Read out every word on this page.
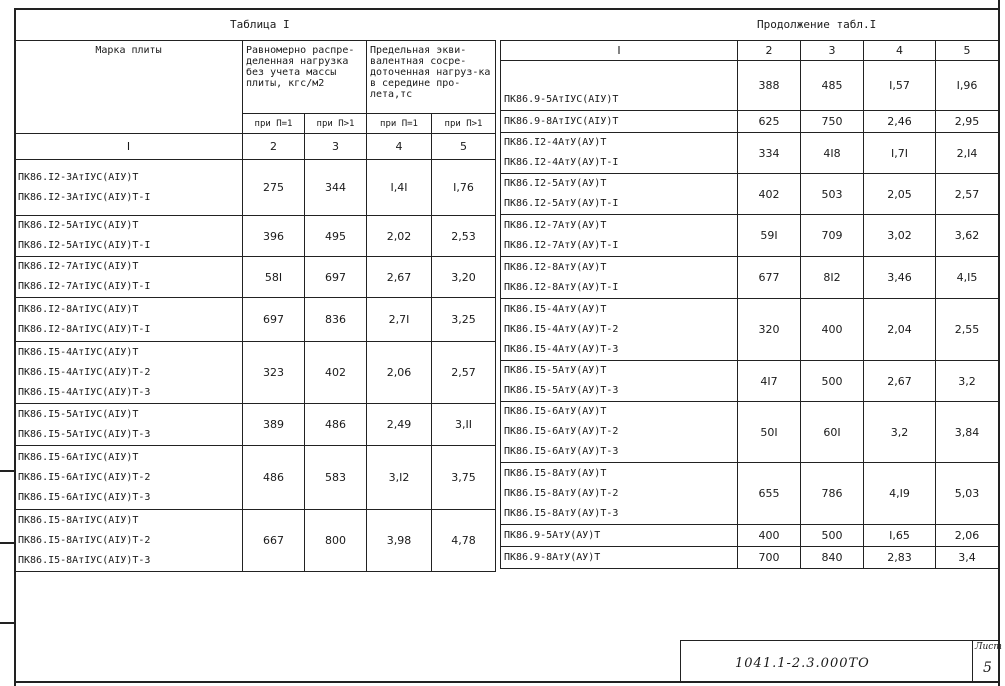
Таблица I	Продолжение табл.I
Марка плиты	Равномерно распре-деленная нагрузка без учета массы плиты, кгс/м2		Предельная экви-валентная сосре-доточенная нагруз-ка в середине про-лета,тс	
	при П=1	при П>1	при П=1	при П>1
I	2	3	4	5

ПК86.I2-3АтIУС(АIУ)Т
ПК86.I2-3АтIУС(АIУ)Т-I	275	344	I,4I	I,76

ПК86.I2-5АтIУС(АIУ)Т
ПК86.I2-5АтIУС(АIУ)Т-I	396	495	2,02	2,53

ПК86.I2-7АтIУС(АIУ)Т
ПК86.I2-7АтIУС(АIУ)Т-I	58I	697	2,67	3,20

ПК86.I2-8АтIУС(АIУ)Т
ПК86.I2-8АтIУС(АIУ)Т-I	697	836	2,7I	3,25

ПК86.I5-4АтIУС(АIУ)Т
ПК86.I5-4АтIУС(АIУ)Т-2
ПК86.I5-4АтIУС(АIУ)Т-3	323	402	2,06	2,57

ПК86.I5-5АтIУС(АIУ)Т
ПК86.I5-5АтIУС(АIУ)Т-3	389	486	2,49	3,II

ПК86.I5-6АтIУС(АIУ)Т
ПК86.I5-6АтIУС(АIУ)Т-2
ПК86.I5-6АтIУС(АIУ)Т-3	486	583	3,I2	3,75

ПК86.I5-8АтIУС(АIУ)Т
ПК86.I5-8АтIУС(АIУ)Т-2
ПК86.I5-8АтIУС(АIУ)Т-3	667	800	3,98	4,78
I	2	3	4	5

ПК86.9-5АтIУС(АIУ)Т	388	485	I,57	I,96

ПК86.9-8АтIУС(АIУ)Т	625	750	2,46	2,95

ПК86.I2-4АтУ(АУ)Т
ПК86.I2-4АтУ(АУ)Т-I	334	4I8	I,7I	2,I4

ПК86.I2-5АтУ(АУ)Т
ПК86.I2-5АтУ(АУ)Т-I	402	503	2,05	2,57

ПК86.I2-7АтУ(АУ)Т
ПК86.I2-7АтУ(АУ)Т-I	59I	709	3,02	3,62

ПК86.I2-8АтУ(АУ)Т
ПК86.I2-8АтУ(АУ)Т-I	677	8I2	3,46	4,I5

ПК86.I5-4АтУ(АУ)Т
ПК86.I5-4АтУ(АУ)Т-2
ПК86.I5-4АтУ(АУ)Т-3	320	400	2,04	2,55

ПК86.I5-5АтУ(АУ)Т
ПК86.I5-5АтУ(АУ)Т-3	4I7	500	2,67	3,2

ПК86.I5-6АтУ(АУ)Т
ПК86.I5-6АтУ(АУ)Т-2
ПК86.I5-6АтУ(АУ)Т-3	50I	60I	3,2	3,84

ПК86.I5-8АтУ(АУ)Т
ПК86.I5-8АтУ(АУ)Т-2
ПК86.I5-8АтУ(АУ)Т-3	655	786	4,I9	5,03

ПК86.9-5АтУ(АУ)Т	400	500	I,65	2,06

ПК86.9-8АтУ(АУ)Т	700	840	2,83	3,4
1041.1-2.3.000ТО
Лист
5
